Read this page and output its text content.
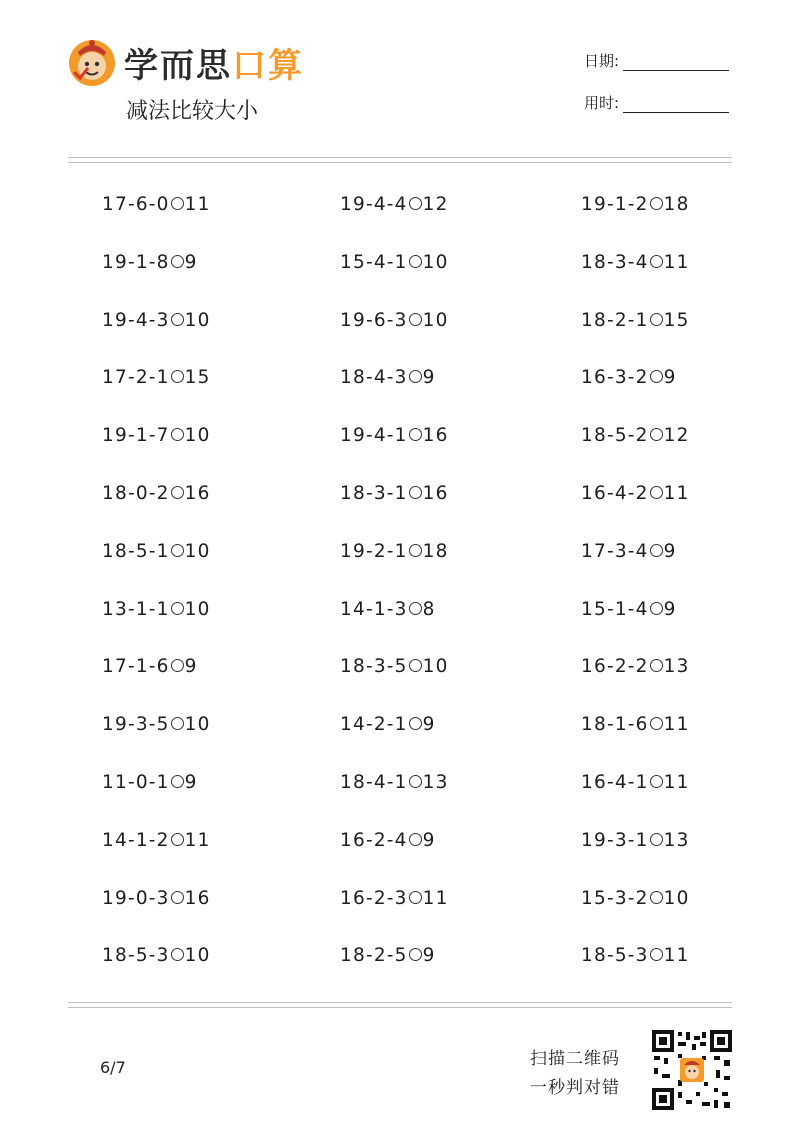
学而思口算
减法比较大小
日期:
用时:
17-6-0 11	19-4-4 12	19-1-2 18
19-1-8 9	15-4-1 10	18-3-4 11
19-4-3 10	19-6-3 10	18-2-1 15
17-2-1 15	18-4-3 9	16-3-2 9
19-1-7 10	19-4-1 16	18-5-2 12
18-0-2 16	18-3-1 16	16-4-2 11
18-5-1 10	19-2-1 18	17-3-4 9
13-1-1 10	14-1-3 8	15-1-4 9
17-1-6 9	18-3-5 10	16-2-2 13
19-3-5 10	14-2-1 9	18-1-6 11
11-0-1 9	18-4-1 13	16-4-1 11
14-1-2 11	16-2-4 9	19-3-1 13
19-0-3 16	16-2-3 11	15-3-2 10
18-5-3 10	18-2-5 9	18-5-3 11
6/7	扫描二维码
一秒判对错
